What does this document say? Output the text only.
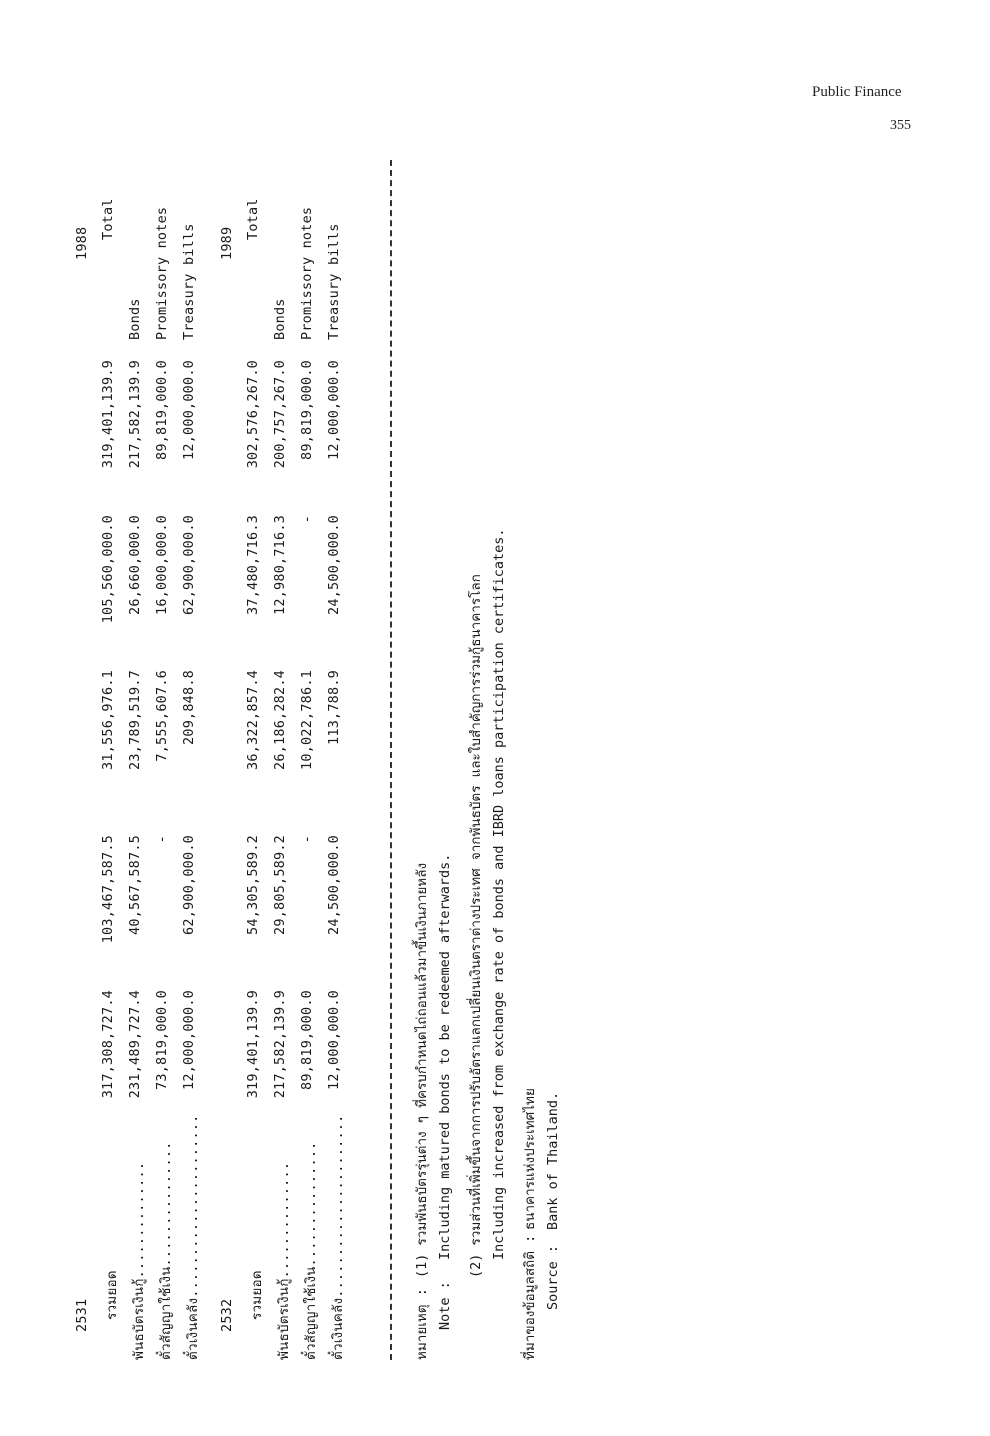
Public Finance
355
2531
1988
รวมยอด
317,308,727.4
103,467,587.5
31,556,976.1
105,560,000.0
319,401,139.9
Total
พันธบัตรเงินกู้..............
231,489,727.4
40,567,587.5
23,789,519.7
26,660,000.0
217,582,139.9
Bonds
ตั๋วสัญญาใช้เงิน...............
73,819,000.0
-
7,555,607.6
16,000,000.0
89,819,000.0
Promissory notes
ตั๋วเงินคลัง......................
12,000,000.0
62,900,000.0
209,848.8
62,900,000.0
12,000,000.0
Treasury bills
2532
1989
รวมยอด
319,401,139.9
54,305,589.2
36,322,857.4
37,480,716.3
302,576,267.0
Total
พันธบัตรเงินกู้..............
217,582,139.9
29,805,589.2
26,186,282.4
12,980,716.3
200,757,267.0
Bonds
ตั๋วสัญญาใช้เงิน...............
89,819,000.0
-
10,022,786.1
-
89,819,000.0
Promissory notes
ตั๋วเงินคลัง......................
12,000,000.0
24,500,000.0
113,788.9
24,500,000.0
12,000,000.0
Treasury bills
หมายเหตุ :
(1) รวมพันธบัตรรุ่นต่าง ๆ ที่ครบกำหนดไถ่ถอนแล้วมาขึ้นเงินภายหลัง
Note :
Including matured bonds to be redeemed afterwards. (2) รวมส่วนที่เพิ่มขึ้นจากการปรับอัตราแลกเปลี่ยนเงินตราต่างประเทศ จากพันธบัตร และใบสำคัญการร่วมกู้ธนาคารโลก Including increased from exchange rate of bonds and IBRD loans participation certificates.
ที่มาของข้อมูลสถิติ :
ธนาคารแห่งประเทศไทย
Source :
Bank of Thailand.
